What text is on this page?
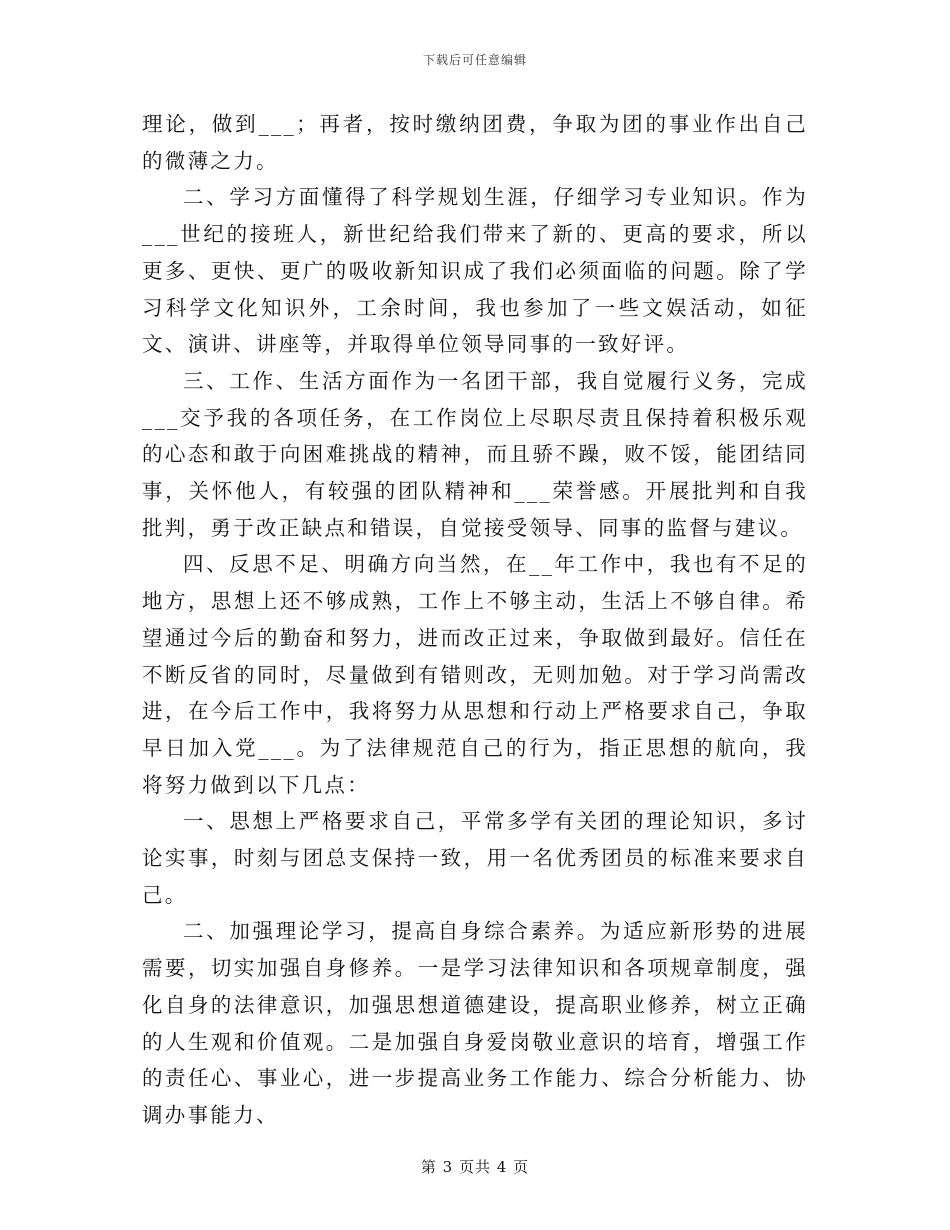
下载后可任意编辑

理论，做到___；再者，按时缴纳团费，争取为团的事业作出自己的微薄之力。

二、学习方面懂得了科学规划生涯，仔细学习专业知识。作为___世纪的接班人，新世纪给我们带来了新的、更高的要求，所以更多、更快、更广的吸收新知识成了我们必须面临的问题。除了学习科学文化知识外，工余时间，我也参加了一些文娱活动，如征文、演讲、讲座等，并取得单位领导同事的一致好评。

三、工作、生活方面作为一名团干部，我自觉履行义务，完成___交予我的各项任务，在工作岗位上尽职尽责且保持着积极乐观的心态和敢于向困难挑战的精神，而且骄不躁，败不馁，能团结同事，关怀他人，有较强的团队精神和___荣誉感。开展批判和自我批判，勇于改正缺点和错误，自觉接受领导、同事的监督与建议。

四、反思不足、明确方向当然，在__年工作中，我也有不足的地方，思想上还不够成熟，工作上不够主动，生活上不够自律。希望通过今后的勤奋和努力，进而改正过来，争取做到最好。信任在不断反省的同时，尽量做到有错则改，无则加勉。对于学习尚需改进，在今后工作中，我将努力从思想和行动上严格要求自己，争取早日加入党___。为了法律规范自己的行为，指正思想的航向，我将努力做到以下几点：

一、思想上严格要求自己，平常多学有关团的理论知识，多讨论实事，时刻与团总支保持一致，用一名优秀团员的标准来要求自己。

二、加强理论学习，提高自身综合素养。为适应新形势的进展需要，切实加强自身修养。一是学习法律知识和各项规章制度，强化自身的法律意识，加强思想道德建设，提高职业修养，树立正确的人生观和价值观。二是加强自身爱岗敬业意识的培育，增强工作的责任心、事业心，进一步提高业务工作能力、综合分析能力、协调办事能力、

第 3 页共 4 页
